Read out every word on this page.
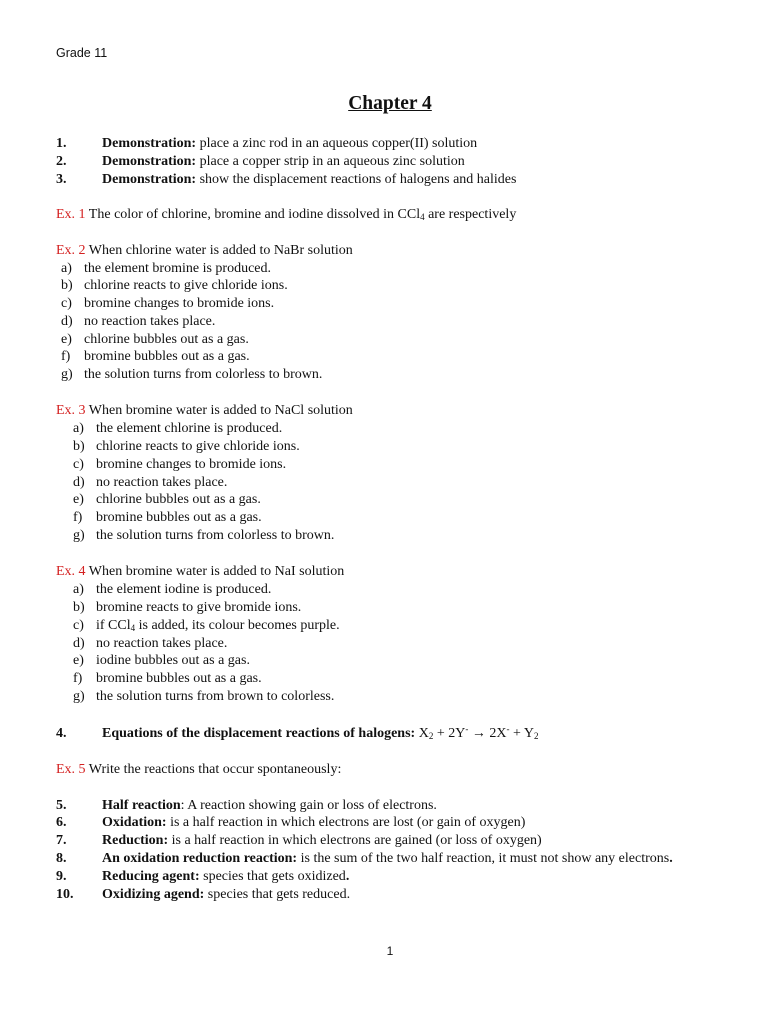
Grade 11
Chapter 4
1.	Demonstration: place a zinc rod in an aqueous copper(II) solution
2.	Demonstration: place a copper strip in an aqueous zinc solution
3.	Demonstration: show the displacement reactions of halogens and halides
Ex. 1 The color of chlorine, bromine and iodine dissolved in CCl$_4$ are respectively
Ex. 2 When chlorine water is added to NaBr solution
a) the element bromine is produced.
b) chlorine reacts to give chloride ions.
c) bromine changes to bromide ions.
d) no reaction takes place.
e) chlorine bubbles out as a gas.
f) bromine bubbles out as a gas.
g) the solution turns from colorless to brown.
Ex. 3 When bromine water is added to NaCl solution
a) the element chlorine is produced.
b) chlorine reacts to give chloride ions.
c) bromine changes to bromide ions.
d) no reaction takes place.
e) chlorine bubbles out as a gas.
f) bromine bubbles out as a gas.
g) the solution turns from colorless to brown.
Ex. 4 When bromine water is added to NaI solution
a) the element iodine is produced.
b) bromine reacts to give bromide ions.
c) if CCl$_4$ is added, its colour becomes purple.
d) no reaction takes place.
e) iodine bubbles out as a gas.
f) bromine bubbles out as a gas.
g) the solution turns from brown to colorless.
4.	Equations of the displacement reactions of halogens: $X_2 + 2Y^- \to 2X^- + Y_2$
Ex. 5 Write the reactions that occur spontaneously:
5.	Half reaction: A reaction showing gain or loss of electrons.
6.	Oxidation: is a half reaction in which electrons are lost (or gain of oxygen)
7.	Reduction: is a half reaction in which electrons are gained (or loss of oxygen)
8.	An oxidation reduction reaction: is the sum of the two half reaction, it must not show any electrons.
9.	Reducing agent: species that gets oxidized.
10. Oxidizing agend: species that gets reduced.
1
